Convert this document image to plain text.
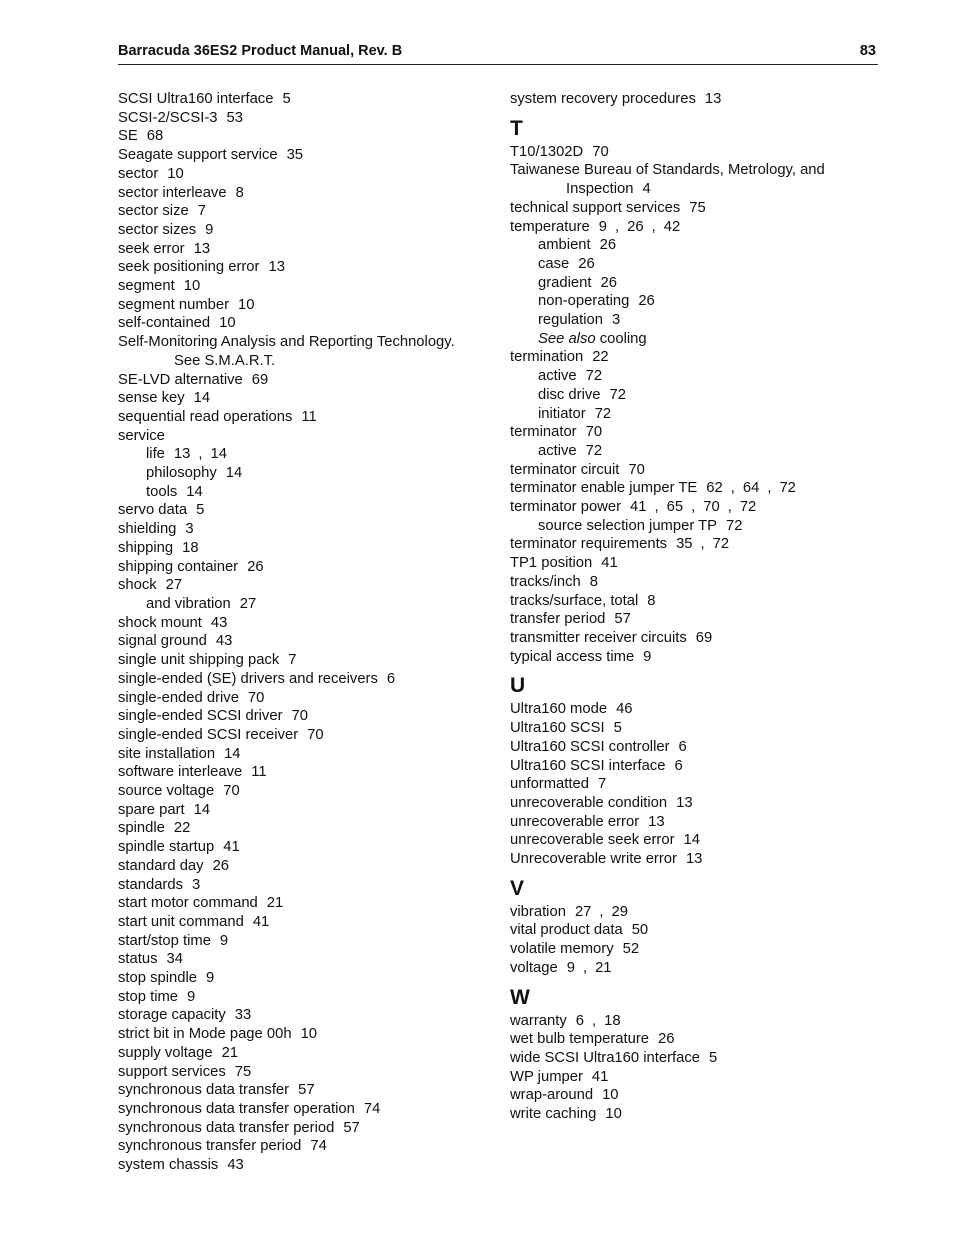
Barracuda 36ES2 Product Manual, Rev. B	83
SCSI Ultra160 interface 5
SCSI-2/SCSI-3 53
SE 68
Seagate support service 35
sector 10
sector interleave 8
sector size 7
sector sizes 9
seek error 13
seek positioning error 13
segment 10
segment number 10
self-contained 10
Self-Monitoring Analysis and Reporting Technology.
See S.M.A.R.T.
SE-LVD alternative 69
sense key 14
sequential read operations 11
service
life 13 , 14
philosophy 14
tools 14
servo data 5
shielding 3
shipping 18
shipping container 26
shock 27
and vibration 27
shock mount 43
signal ground 43
single unit shipping pack 7
single-ended (SE) drivers and receivers 6
single-ended drive 70
single-ended SCSI driver 70
single-ended SCSI receiver 70
site installation 14
software interleave 11
source voltage 70
spare part 14
spindle 22
spindle startup 41
standard day 26
standards 3
start motor command 21
start unit command 41
start/stop time 9
status 34
stop spindle 9
stop time 9
storage capacity 33
strict bit in Mode page 00h 10
supply voltage 21
support services 75
synchronous data transfer 57
synchronous data transfer operation 74
synchronous data transfer period 57
synchronous transfer period 74
system chassis 43
system recovery procedures 13
T
T10/1302D 70
Taiwanese Bureau of Standards, Metrology, and
Inspection 4
technical support services 75
temperature 9 , 26 , 42
ambient 26
case 26
gradient 26
non-operating 26
regulation 3
See also cooling
termination 22
active 72
disc drive 72
initiator 72
terminator 70
active 72
terminator circuit 70
terminator enable jumper TE 62 , 64 , 72
terminator power 41 , 65 , 70 , 72
source selection jumper TP 72
terminator requirements 35 , 72
TP1 position 41
tracks/inch 8
tracks/surface, total 8
transfer period 57
transmitter receiver circuits 69
typical access time 9
U
Ultra160 mode 46
Ultra160 SCSI 5
Ultra160 SCSI controller 6
Ultra160 SCSI interface 6
unformatted 7
unrecoverable condition 13
unrecoverable error 13
unrecoverable seek error 14
Unrecoverable write error 13
V
vibration 27 , 29
vital product data 50
volatile memory 52
voltage 9 , 21
W
warranty 6 , 18
wet bulb temperature 26
wide SCSI Ultra160 interface 5
WP jumper 41
wrap-around 10
write caching 10
